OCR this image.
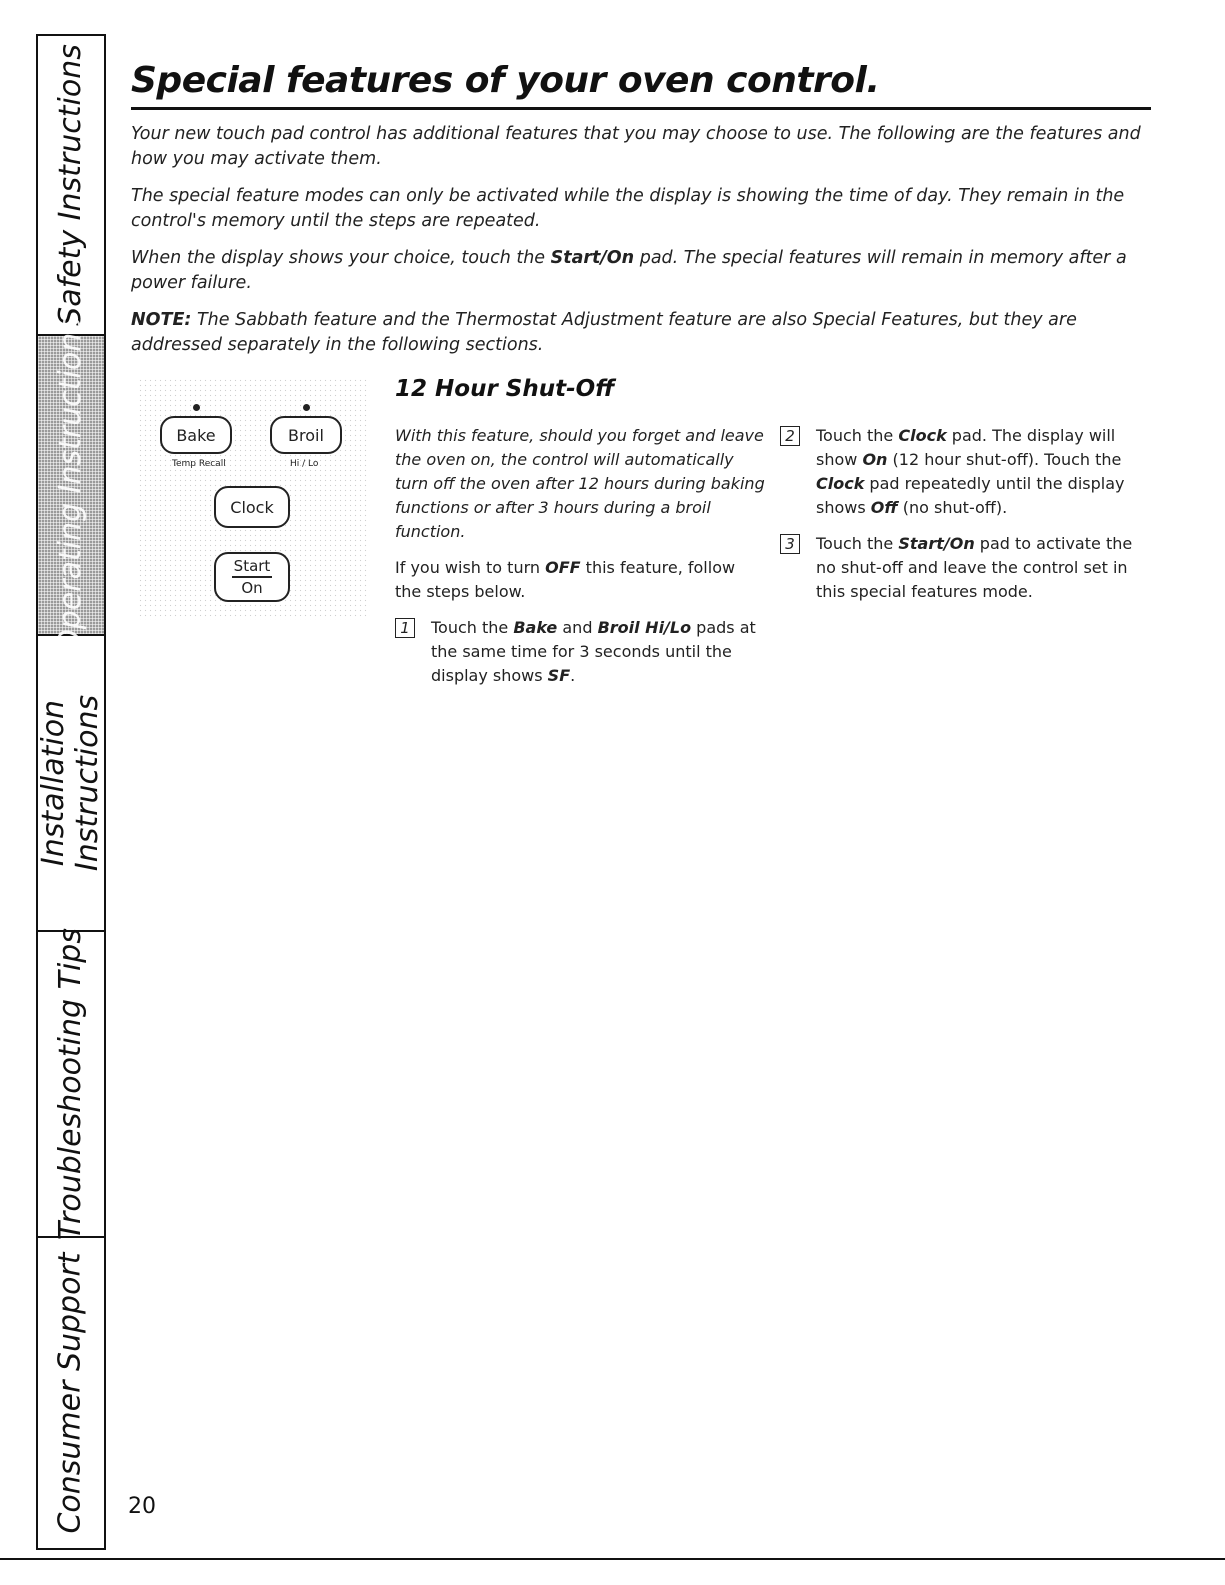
Safety Instructions
Operating Instructions
Installation Instructions
Troubleshooting Tips
Consumer Support
Special features of your oven control.

Your new touch pad control has additional features that you may choose to use. The following are the features and how you may activate them.

The special feature modes can only be activated while the display is showing the time of day. They remain in the control's memory until the steps are repeated.

When the display shows your choice, touch the Start/On pad. The special features will remain in memory after a power failure.

NOTE: The Sabbath feature and the Thermostat Adjustment feature are also Special Features, but they are addressed separately in the following sections.

Bake
Temp Recall
Broil
Hi / Lo
Clock
Start
On
12 Hour Shut-Off

With this feature, should you forget and leave the oven on, the control will automatically turn off the oven after 12 hours during baking functions or after 3 hours during a broil function.

If you wish to turn OFF this feature, follow the steps below.

1	Touch the Bake and Broil Hi/Lo pads at the same time for 3 seconds until the display shows SF.
2	Touch the Clock pad. The display will show On (12 hour shut-off). Touch the Clock pad repeatedly until the display shows Off (no shut-off).
3	Touch the Start/On pad to activate the no shut-off and leave the control set in this special features mode.
20
